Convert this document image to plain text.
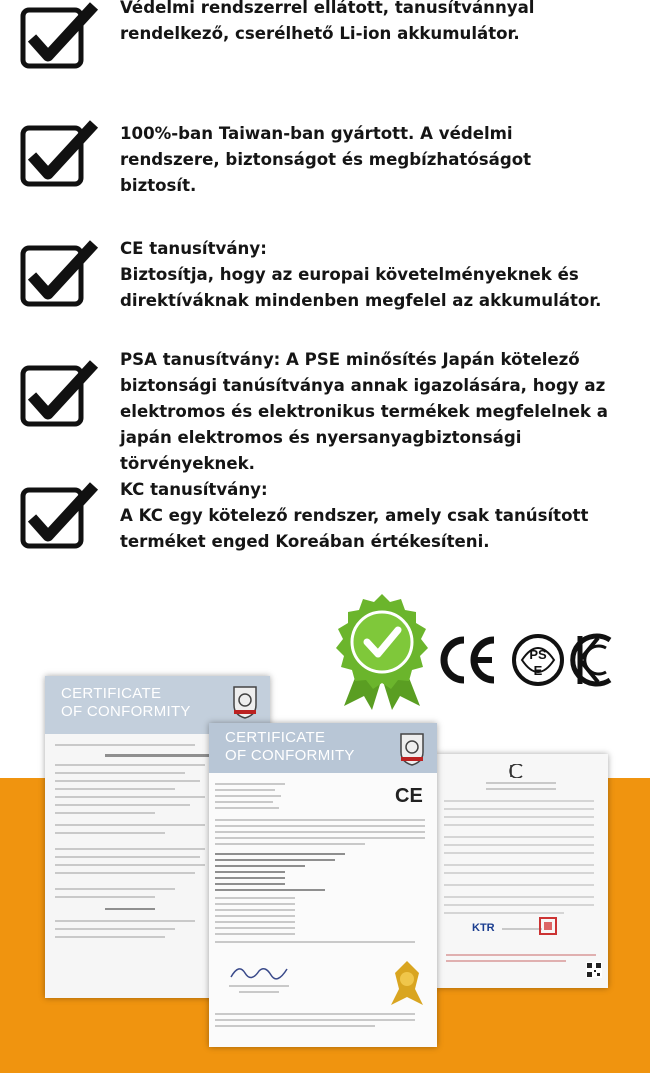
Védelmi rendszerrel ellátott, tanusítvánnyal
rendelkező, cserélhető Li-ion akkumulátor.

100%-ban Taiwan-ban gyártott. A védelmi
rendszere, biztonságot és megbízhatóságot
biztosít.

CE tanusítvány:
Biztosítja, hogy az europai követelményeknek és
direktíváknak mindenben megfelel az akkumulátor.

PSA tanusítvány: A PSE minősítés Japán kötelező
biztonsági tanúsítványa annak igazolására, hogy az
elektromos és elektronikus termékek megfelelnek a
japán elektromos és nyersanyagbiztonsági
törvényeknek.

KC tanusítvány:
A KC egy kötelező rendszer, amely csak tanúsított
terméket enged Koreában értékesíteni.

PS
E
CERTIFICATE
OF CONFORMITY
KTR
CERTIFICATE
OF CONFORMITY
CE
